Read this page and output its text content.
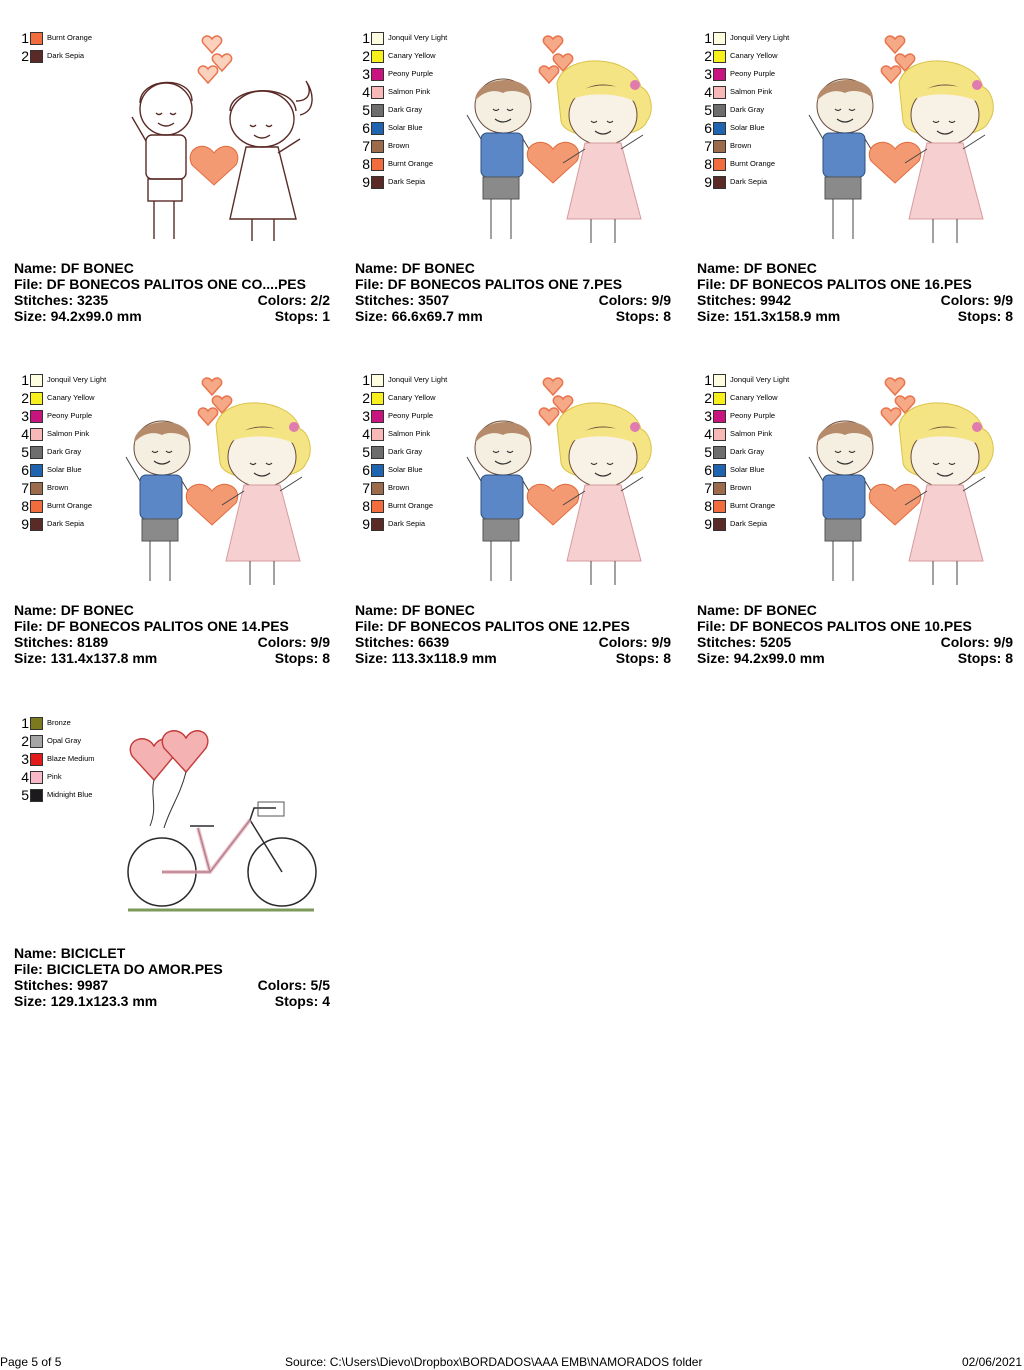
1 Burnt Orange
2 Dark Sepia
Name: DF BONEC
File: DF BONECOS PALITOS ONE CO....PES
Stitches: 3235	Colors: 2/2
Size: 94.2x99.0 mm	Stops: 1
1 Jonquil Very Light
2 Canary Yellow
3 Peony Purple
4 Salmon Pink
5 Dark Gray
6 Solar Blue
7 Brown
8 Burnt Orange
9 Dark Sepia
Name: DF BONEC
File: DF BONECOS PALITOS ONE 7.PES
Stitches: 3507	Colors: 9/9
Size: 66.6x69.7 mm	Stops: 8
1 Jonquil Very Light
2 Canary Yellow
3 Peony Purple
4 Salmon Pink
5 Dark Gray
6 Solar Blue
7 Brown
8 Burnt Orange
9 Dark Sepia
Name: DF BONEC
File: DF BONECOS PALITOS ONE 16.PES
Stitches: 9942	Colors: 9/9
Size: 151.3x158.9 mm	Stops: 8
1 Jonquil Very Light
2 Canary Yellow
3 Peony Purple
4 Salmon Pink
5 Dark Gray
6 Solar Blue
7 Brown
8 Burnt Orange
9 Dark Sepia
Name: DF BONEC
File: DF BONECOS PALITOS ONE 14.PES
Stitches: 8189	Colors: 9/9
Size: 131.4x137.8 mm	Stops: 8
1 Jonquil Very Light
2 Canary Yellow
3 Peony Purple
4 Salmon Pink
5 Dark Gray
6 Solar Blue
7 Brown
8 Burnt Orange
9 Dark Sepia
Name: DF BONEC
File: DF BONECOS PALITOS ONE 12.PES
Stitches: 6639	Colors: 9/9
Size: 113.3x118.9 mm	Stops: 8
1 Jonquil Very Light
2 Canary Yellow
3 Peony Purple
4 Salmon Pink
5 Dark Gray
6 Solar Blue
7 Brown
8 Burnt Orange
9 Dark Sepia
Name: DF BONEC
File: DF BONECOS PALITOS ONE 10.PES
Stitches: 5205	Colors: 9/9
Size: 94.2x99.0 mm	Stops: 8
1 Bronze
2 Opal Gray
3 Blaze Medium
4 Pink
5 Midnight Blue
Name: BICICLET
File: BICICLETA DO AMOR.PES
Stitches: 9987	Colors: 5/5
Size: 129.1x123.3 mm	Stops: 4
Page 5 of 5	Source: C:\Users\Dievo\Dropbox\BORDADOS\AAA EMB\NAMORADOS folder	02/06/2021
